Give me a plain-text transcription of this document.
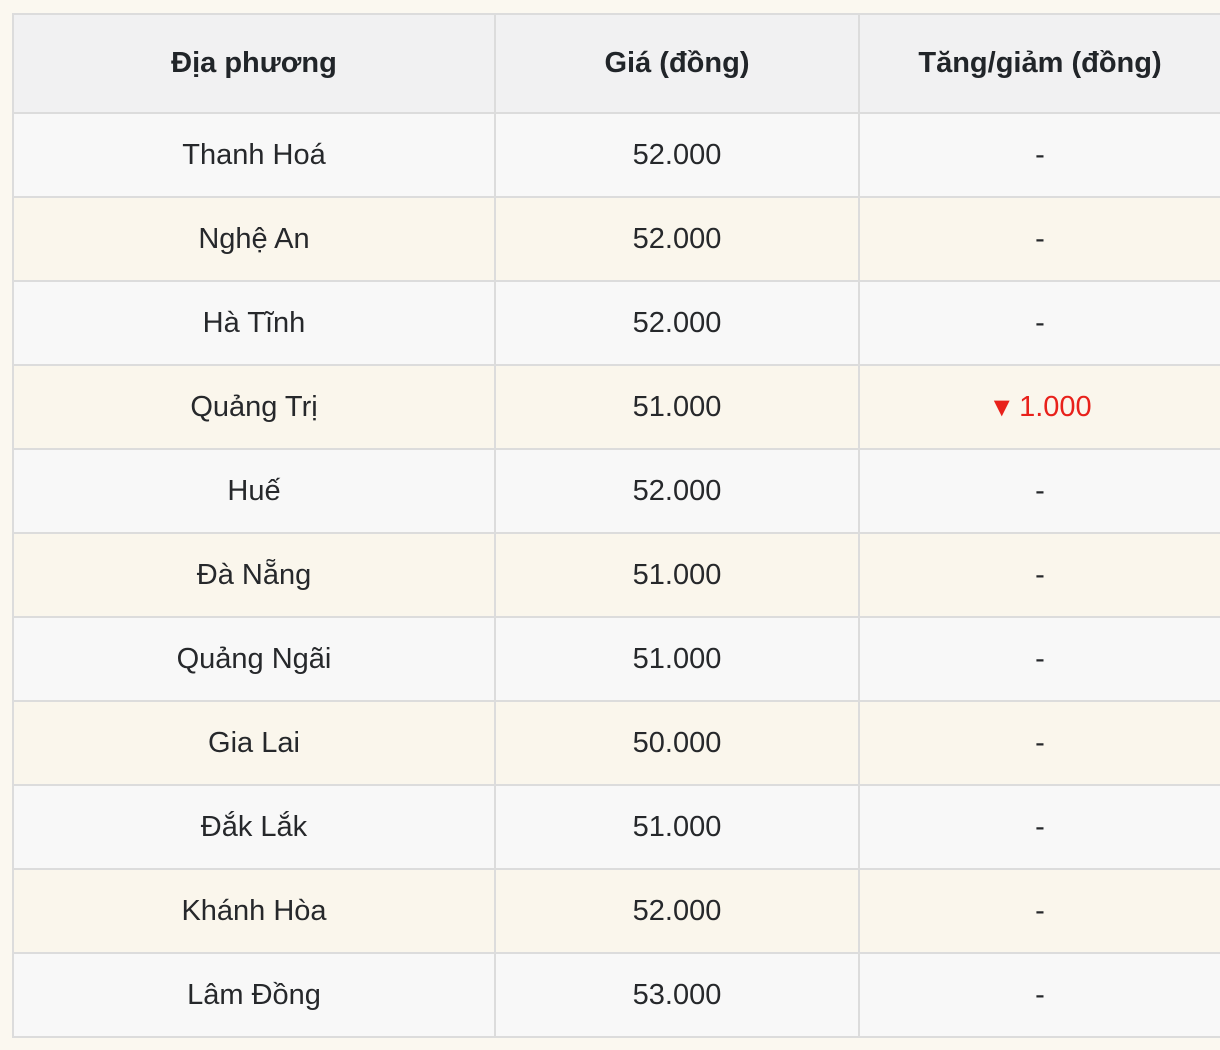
Địa phương	Giá (đồng)	Tăng/giảm (đồng)
Thanh Hoá	52.000	-
Nghệ An	52.000	-
Hà Tĩnh	52.000	-
Quảng Trị	51.000	▼ 1.000
Huế	52.000	-
Đà Nẵng	51.000	-
Quảng Ngãi	51.000	-
Gia Lai	50.000	-
Đắk Lắk	51.000	-
Khánh Hòa	52.000	-
Lâm Đồng	53.000	-
